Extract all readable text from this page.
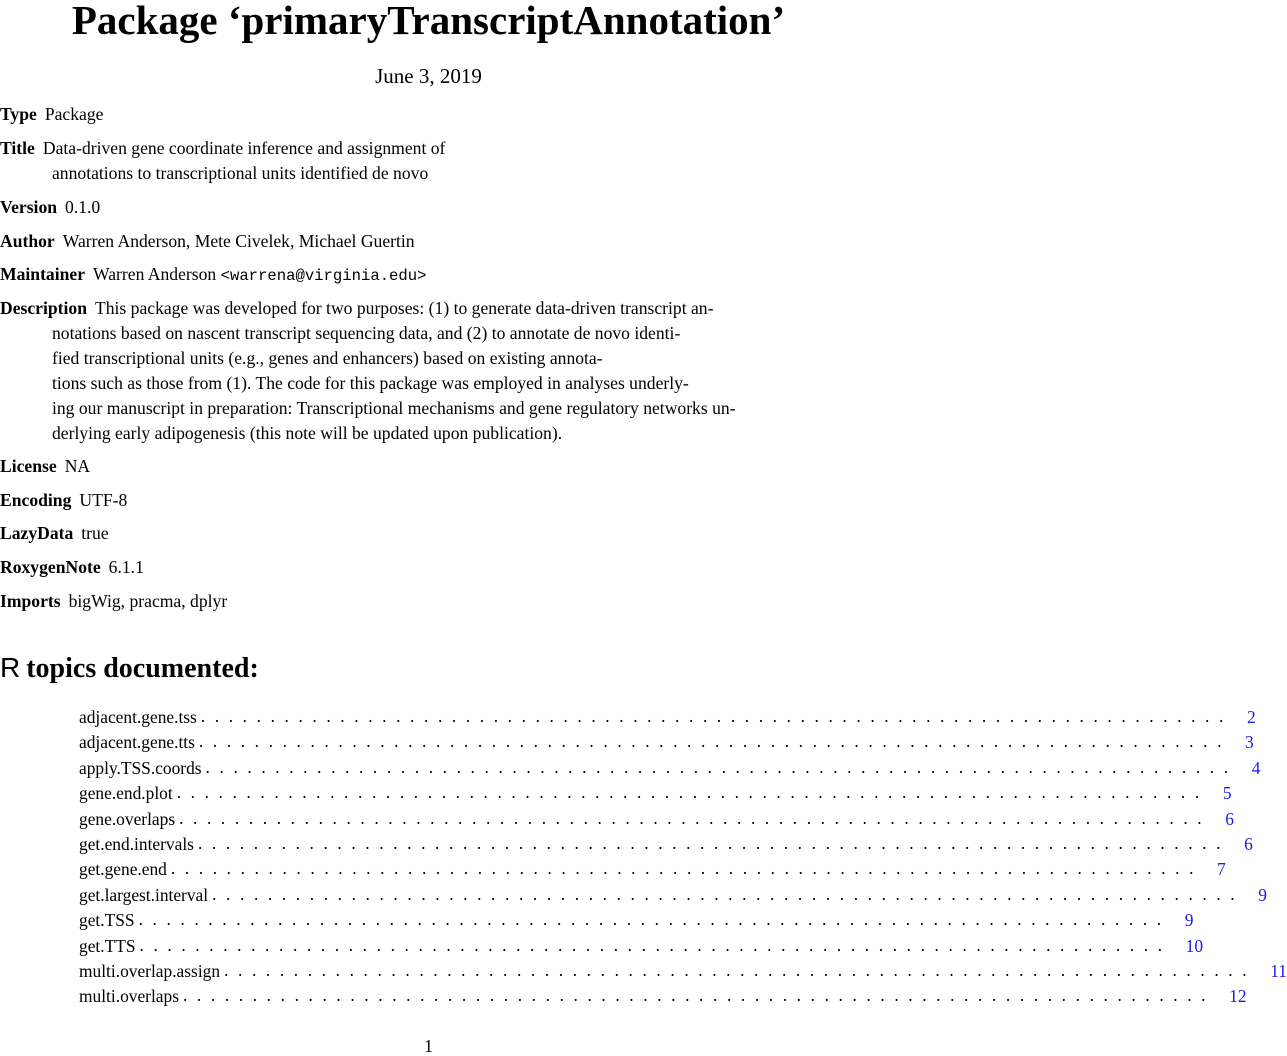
Package ‘primaryTranscriptAnnotation’
June 3, 2019
Type Package
Title Data-driven gene coordinate inference and assignment of
annotations to transcriptional units identified de novo
Version 0.1.0
Author Warren Anderson, Mete Civelek, Michael Guertin
Maintainer Warren Anderson <warrena@virginia.edu>
Description This package was developed for two purposes: (1) to generate data-driven transcript an-
notations based on nascent transcript sequencing data, and (2) to annotate de novo identi-
fied transcriptional units (e.g., genes and enhancers) based on existing annota-
tions such as those from (1). The code for this package was employed in analyses underly-
ing our manuscript in preparation: Transcriptional mechanisms and gene regulatory networks un-
derlying early adipogenesis (this note will be updated upon publication).
License NA
Encoding UTF-8
LazyData true
RoxygenNote 6.1.1
Imports bigWig, pracma, dplyr
R topics documented:
adjacent.gene.tss .......................................................................... 2
adjacent.gene.tts .......................................................................... 3
apply.TSS.coords .......................................................................... 4
gene.end.plot .......................................................................... 5
gene.overlaps .......................................................................... 6
get.end.intervals .......................................................................... 6
get.gene.end .......................................................................... 7
get.largest.interval .......................................................................... 9
get.TSS .......................................................................... 9
get.TTS .......................................................................... 10
multi.overlap.assign .......................................................................... 11
multi.overlaps .......................................................................... 12
1
